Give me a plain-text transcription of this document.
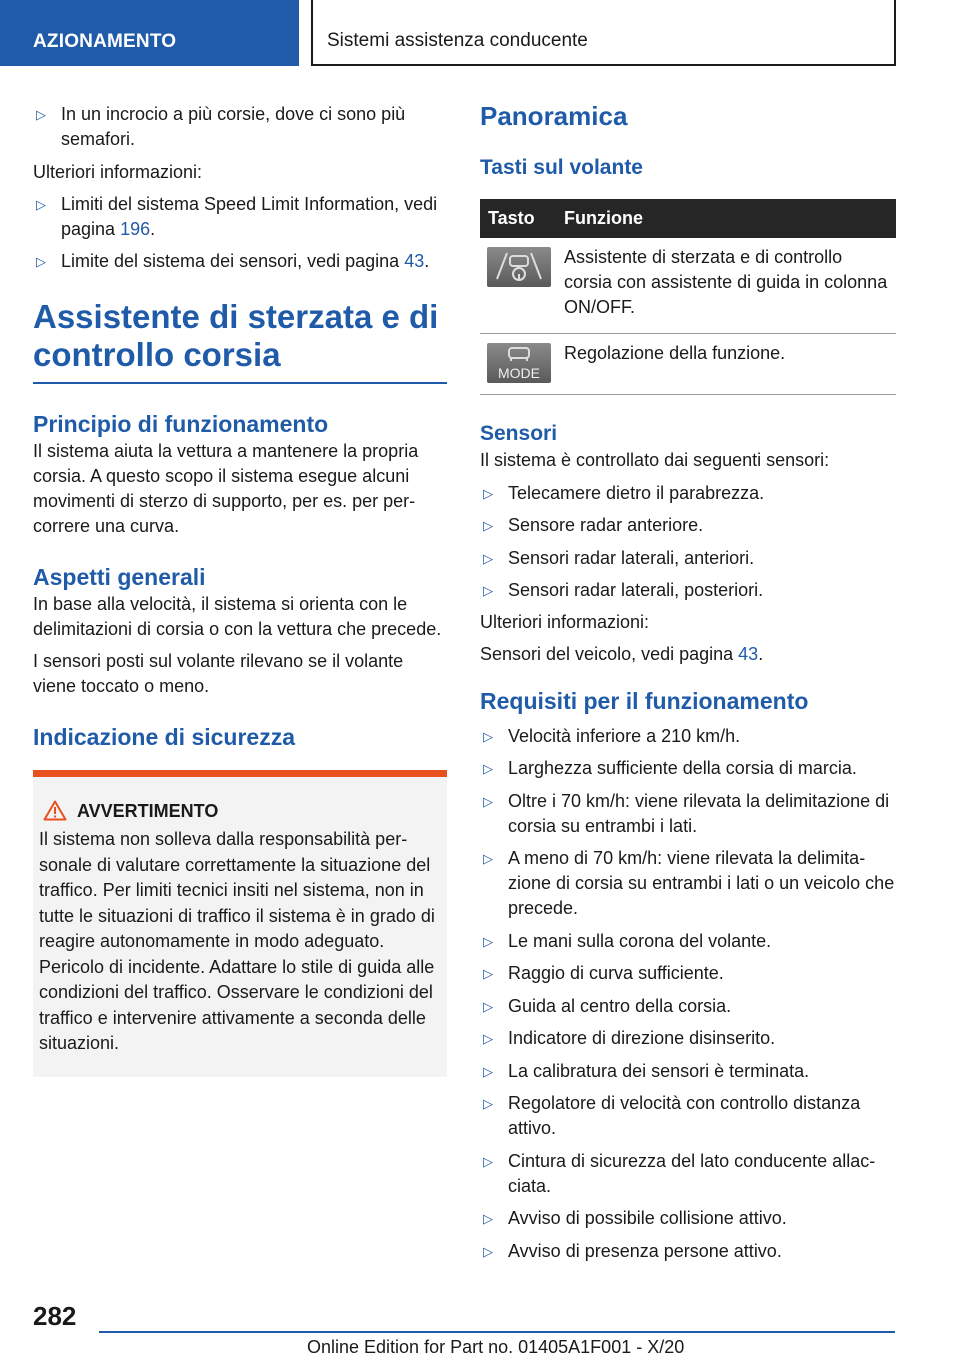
AZIONAMENTO	Sistemi assistenza conducente
▷ In un incrocio a più corsie, dove ci sono più semafori.
Ulteriori informazioni:
▷ Limiti del sistema Speed Limit Information, vedi pagina 196.
▷ Limite del sistema dei sensori, vedi pagina 43.
Assistente di sterzata e di controllo corsia
Principio di funzionamento
Il sistema aiuta la vettura a mantenere la propria corsia. A questo scopo il sistema esegue alcuni movimenti di sterzo di supporto, per es. per percorrere una curva.
Aspetti generali
In base alla velocità, il sistema si orienta con le delimitazioni di corsia o con la vettura che precede.
I sensori posti sul volante rilevano se il volante viene toccato o meno.
Indicazione di sicurezza
AVVERTIMENTO
Il sistema non solleva dalla responsabilità personale di valutare correttamente la situazione del traffico. Per limiti tecnici insiti nel sistema, non in tutte le situazioni di traffico il sistema è in grado di reagire autonomamente in modo adeguato. Pericolo di incidente. Adattare lo stile di guida alle condizioni del traffico. Osservare le condizioni del traffico e intervenire attivamente a seconda delle situazioni.
Panoramica
Tasti sul volante
Tasto	Funzione

	Assistente di sterzata e di controllo corsia con assistente di guida in colonna ON/OFF.

MODE	Regolazione della funzione.
Sensori
Il sistema è controllato dai seguenti sensori:
▷ Telecamere dietro il parabrezza.
▷ Sensore radar anteriore.
▷ Sensori radar laterali, anteriori.
▷ Sensori radar laterali, posteriori.
Ulteriori informazioni:
Sensori del veicolo, vedi pagina 43.
Requisiti per il funzionamento
▷ Velocità inferiore a 210 km/h.
▷ Larghezza sufficiente della corsia di marcia.
▷ Oltre i 70 km/h: viene rilevata la delimitazione di corsia su entrambi i lati.
▷ A meno di 70 km/h: viene rilevata la delimitazione di corsia su entrambi i lati o un veicolo che precede.
▷ Le mani sulla corona del volante.
▷ Raggio di curva sufficiente.
▷ Guida al centro della corsia.
▷ Indicatore di direzione disinserito.
▷ La calibratura dei sensori è terminata.
▷ Regolatore di velocità con controllo distanza attivo.
▷ Cintura di sicurezza del lato conducente allacciata.
▷ Avviso di possibile collisione attivo.
▷ Avviso di presenza persone attivo.
282
Online Edition for Part no. 01405A1F001 - X/20
